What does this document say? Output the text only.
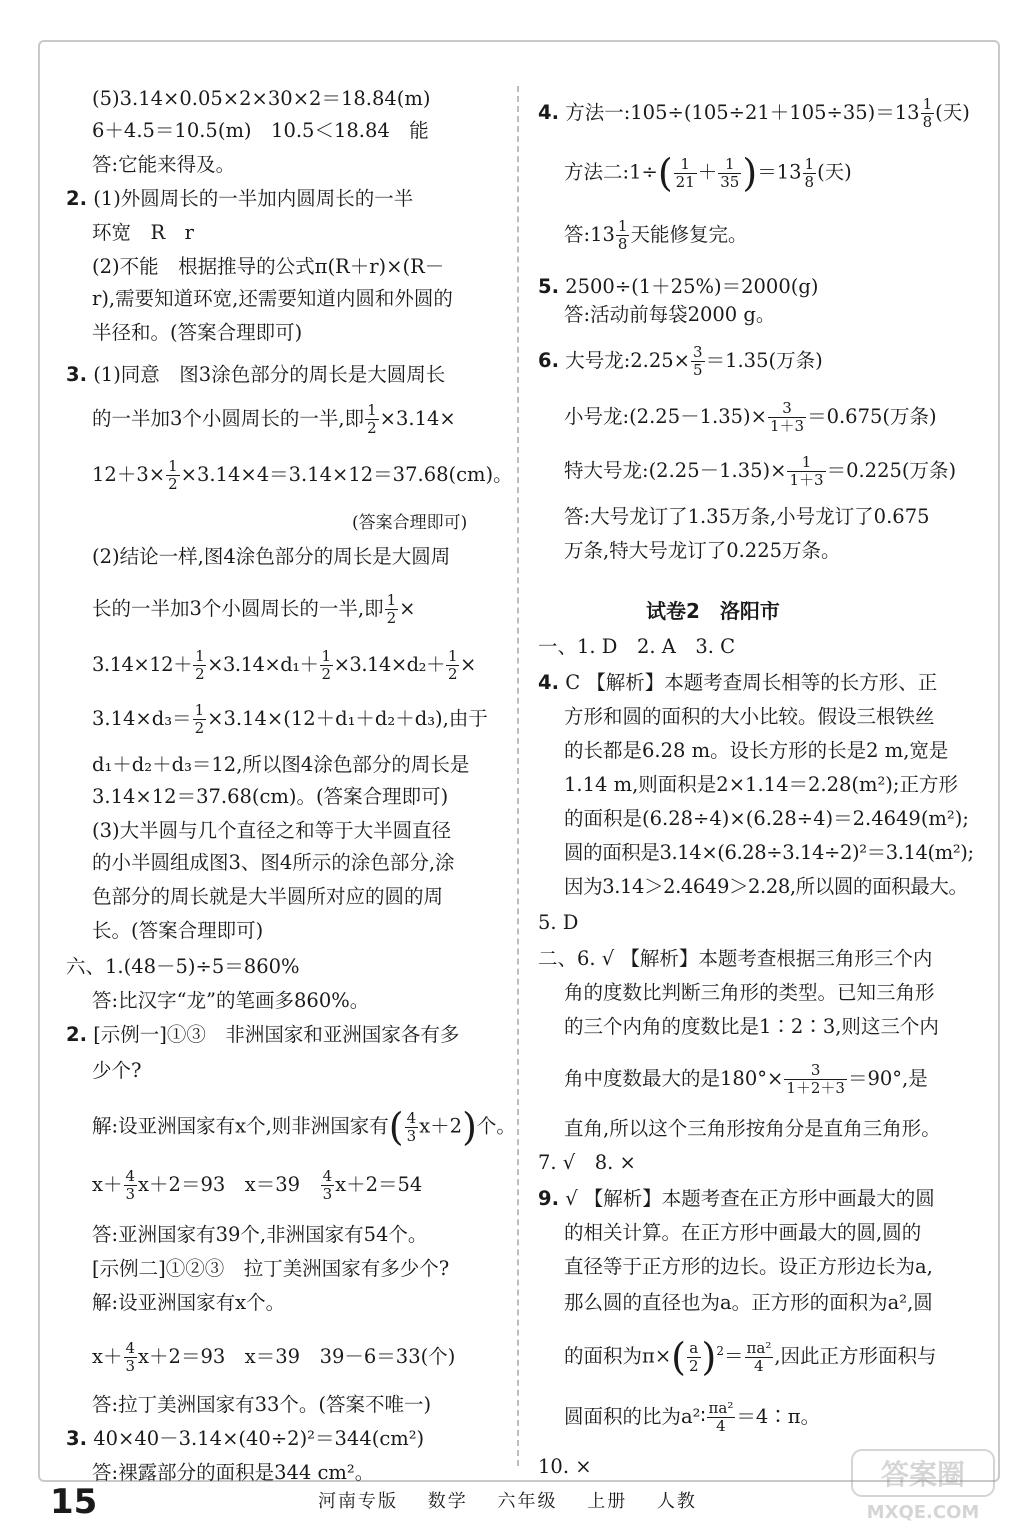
(5)3.14×0.05×2×30×2＝18.84(m)
6＋4.5＝10.5(m)　10.5＜18.84　能
答:它能来得及。
2. (1)外圆周长的一半加内圆周长的一半
环宽　R　r
(2)不能　根据推导的公式π(R＋r)×(R－
r),需要知道环宽,还需要知道内圆和外圆的
半径和。(答案合理即可)
3. (1)同意　图3涂色部分的周长是大圆周长
的一半加3个小圆周长的一半,即 $\frac{1}{2} \times 3.14\times$
$12+3\times \frac{1}{2} \times 3.14\times 4=3.14\times 12=37.68(cm)$。
(答案合理即可)
(2)结论一样,图4涂色部分的周长是大圆周
长的一半加3个小圆周长的一半,即 $\frac{1}{2}$ ×
$3.14\times 12+ \frac{1}{2} \times 3.14\times d_1+ \frac{1}{2} \times 3.14\times d_2+ \frac{1}{2}$ ×
$3.14\times d_3= \frac{1}{2} \times 3.14\times(12+d_1+d_2+d_3)$,由于
d₁＋d₂＋d₃＝12,所以图4涂色部分的周长是
3.14×12＝37.68(cm)。(答案合理即可)
(3)大半圆与几个直径之和等于大半圆直径
的小半圆组成图3、图4所示的涂色部分,涂
色部分的周长就是大半圆所对应的圆的周
长。(答案合理即可)
六、1.(48－5)÷5＝860%
答:比汉字“龙”的笔画多860%。
2. [示例一]①③　非洲国家和亚洲国家各有多
少个?
解:设亚洲国家有x个,则非洲国家有( $\frac{4}{3} x+2$)个。
$x+ \frac{4}{3} x+2=93$　x＝39　 $\frac{4}{3} x+2=54$
答:亚洲国家有39个,非洲国家有54个。
[示例二]①②③　拉丁美洲国家有多少个?
解:设亚洲国家有x个。
$x+ \frac{4}{3} x+2=93$　x＝39　39－6＝33(个)
答:拉丁美洲国家有33个。(答案不唯一)
3. 40×40－3.14×(40÷2)²＝344(cm²)
答:裸露部分的面积是344 cm²。
4. 方法一:105÷(105÷21＋105÷35)＝13 $\frac{1}{8}$ (天)
方法二:1÷( $\frac{1}{21} + \frac{1}{35} )=13 \frac{1}{8}$ (天)
答:13 $\frac{1}{8}$ 天能修复完。
5. 2500÷(1＋25%)＝2000(g)
答:活动前每袋2000 g。
6. 大号龙:2.25× $\frac{3}{5} =1.35$(万条)
小号龙:(2.25－1.35)× $\frac{3}{1+3} =0.675$(万条)
特大号龙:(2.25－1.35)× $\frac{1}{1+3} =0.225$(万条)
答:大号龙订了1.35万条,小号龙订了0.675
万条,特大号龙订了0.225万条。
试卷2　洛阳市
一、1. D　2. A　3. C
4. C 【解析】本题考查周长相等的长方形、正
方形和圆的面积的大小比较。假设三根铁丝
的长都是6.28 m。设长方形的长是2 m,宽是
1.14 m,则面积是2×1.14＝2.28(m²);正方形
的面积是(6.28÷4)×(6.28÷4)＝2.4649(m²);
圆的面积是3.14×(6.28÷3.14÷2)²＝3.14(m²);
因为3.14＞2.4649＞2.28,所以圆的面积最大。
5. D
二、6. √ 【解析】本题考查根据三角形三个内
角的度数比判断三角形的类型。已知三角形
的三个内角的度数比是1∶2∶3,则这三个内
角中度数最大的是$180^\circ\times \frac{3}{1+2+3} =90^\circ$,是
直角,所以这个三角形按角分是直角三角形。
7. √　8. ×
9. √ 【解析】本题考查在正方形中画最大的圆
的相关计算。在正方形中画最大的圆,圆的
直径等于正方形的边长。设正方形边长为a,
那么圆的直径也为a。正方形的面积为a²,圆
的面积为$\pi\times( \frac{a}{2} )^2= \frac{\text{πa²}}{4}$ ,因此正方形面积与
圆面积的比为a²∶ $\frac{\text{πa²}}{4}$ ＝4∶π。
10. ×
15	河南专版 数学 六年级 上册 人教
答案圈
MXQE.COM
